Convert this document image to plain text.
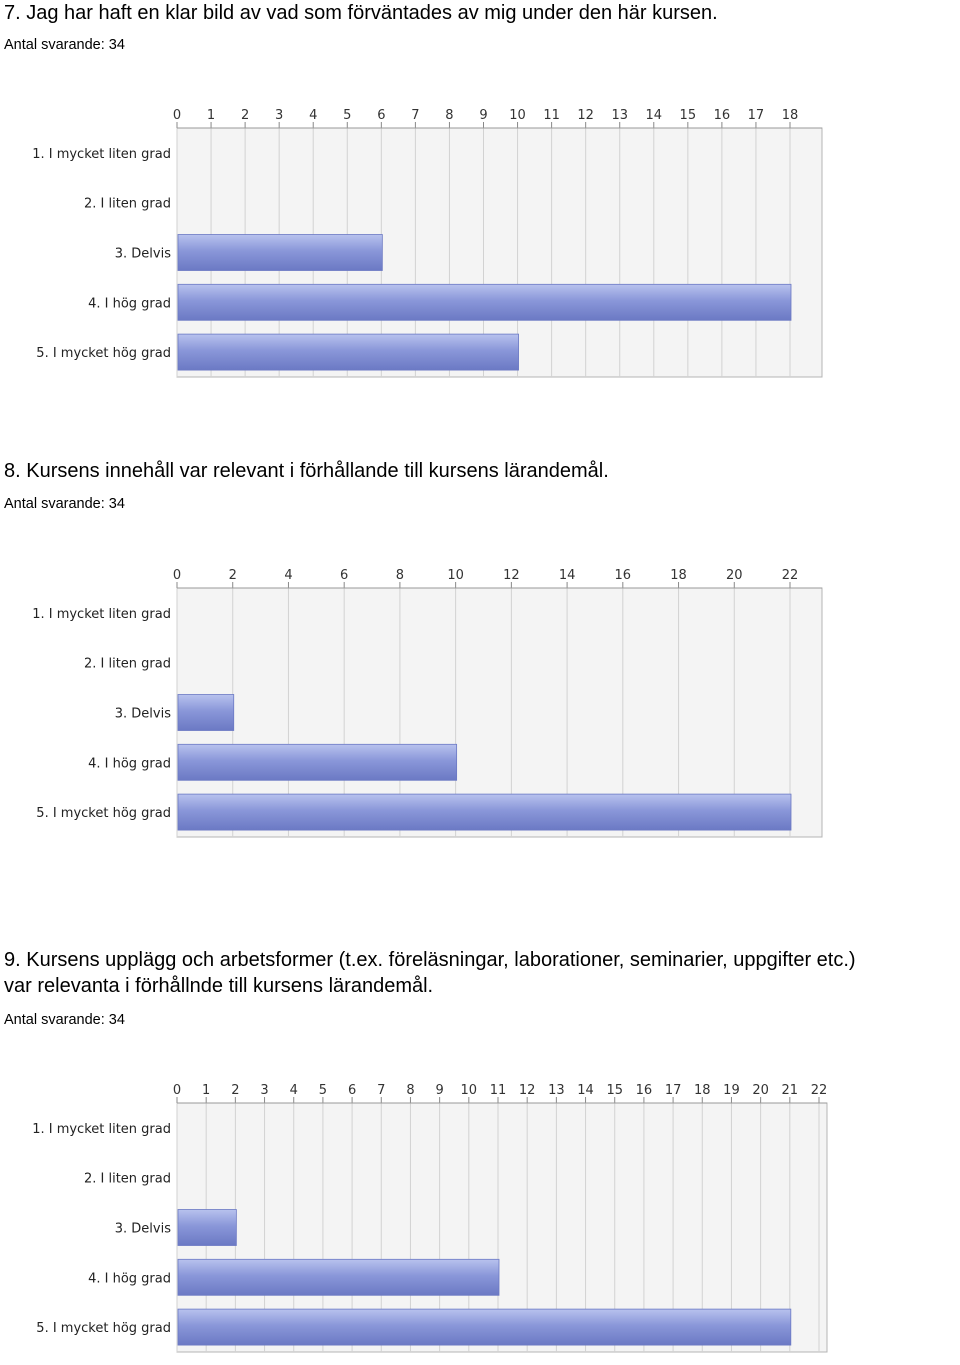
7. Jag har haft en klar bild av vad som förväntades av mig under den här kursen.
Antal svarande: 34
0 1 2 3 4 5 6 7 8 9 10 11 12 13 14 15 16 17 18
1. I mycket liten grad
2. I liten grad
3. Delvis
4. I hög grad
5. I mycket hög grad
8. Kursens innehåll var relevant i förhållande till kursens lärandemål.
Antal svarande: 34
0	2	4	6	8	10	12	14	16	18	20	22
1. I mycket liten grad
2. I liten grad
3. Delvis
4. I hög grad
5. I mycket hög grad
9. Kursens upplägg och arbetsformer (t.ex. föreläsningar, laborationer, seminarier, uppgifter etc.)
var relevanta i förhållnde till kursens lärandemål.
Antal svarande: 34
0 1 2 3 4 5 6 7 8 9 10 11 12 13 14 15 16 17 18 19 20 21 22
1. I mycket liten grad
2. I liten grad
3. Delvis
4. I hög grad
5. I mycket hög grad
